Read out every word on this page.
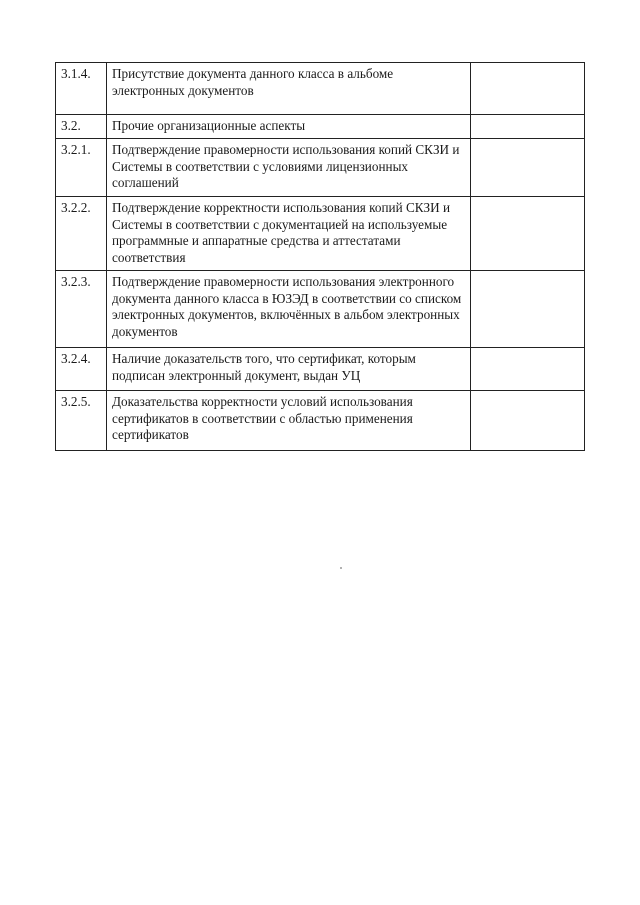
3.1.4.	Присутствие документа данного класса в альбоме электронных документов	
3.2.	Прочие организационные аспекты	
3.2.1.	Подтверждение правомерности использования копий СКЗИ и Системы в соответствии с условиями лицензионных соглашений	
3.2.2.	Подтверждение корректности использования копий СКЗИ и Системы в соответствии с документацией на используемые программные и аппаратные средства и аттестатами соответствия	
3.2.3.	Подтверждение правомерности использования электронного документа данного класса в ЮЗЭД в соответствии со списком электронных документов, включённых в альбом электронных документов	
3.2.4.	Наличие доказательств того, что сертификат, которым подписан электронный документ, выдан УЦ	
3.2.5.	Доказательства корректности условий использования сертификатов в соответствии с областью применения сертификатов	
